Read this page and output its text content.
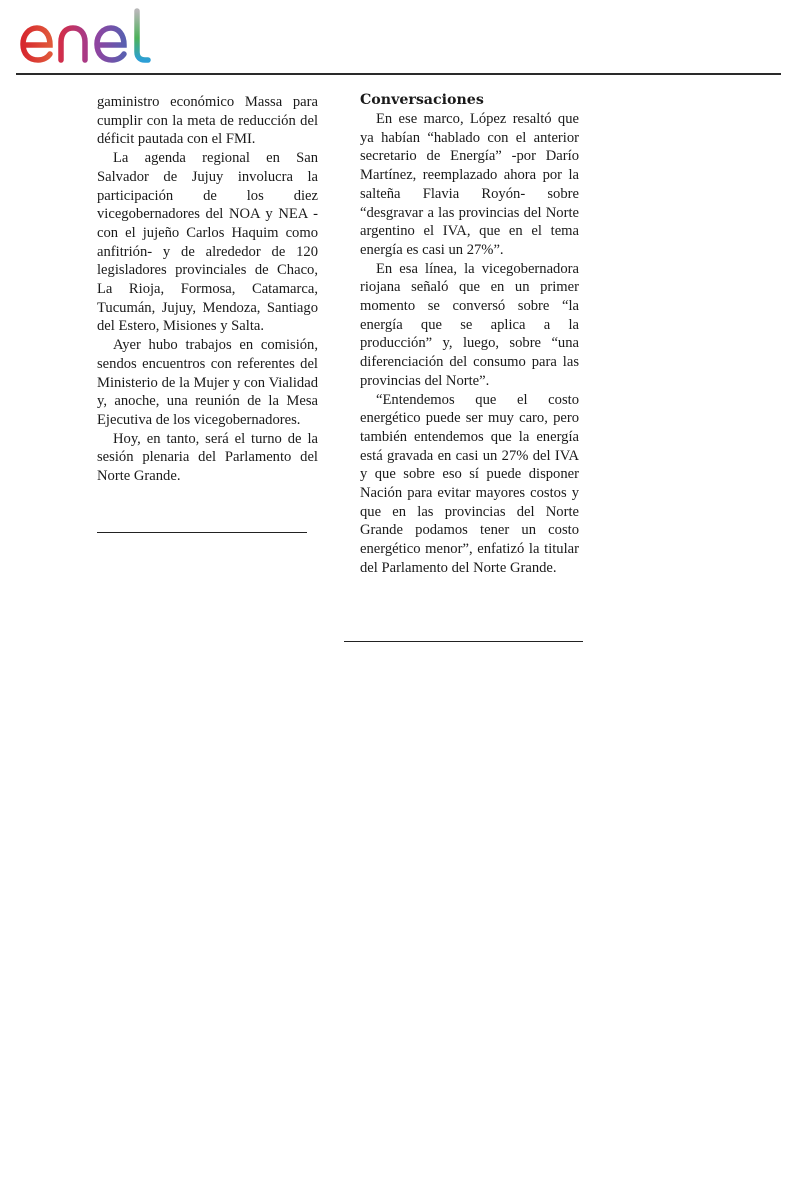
gaministro económico Massa para cumplir con la meta de reducción del déficit pautada con el FMI.

La agenda regional en San Salvador de Jujuy involucra la participación de los diez vicegobernadores del NOA y NEA -con el jujeño Carlos Haquim como anfitrión- y de alrededor de 120 legisladores provinciales de Chaco, La Rioja, Formosa, Catamarca, Tucumán, Jujuy, Mendoza, Santiago del Estero, Misiones y Salta.

Ayer hubo trabajos en comisión, sendos encuentros con referentes del Ministerio de la Mujer y con Vialidad y, anoche, una reunión de la Mesa Ejecutiva de los vicegobernadores.

Hoy, en tanto, será el turno de la sesión plenaria del Parlamento del Norte Grande.

Conversaciones

En ese marco, López resaltó que ya habían “hablado con el anterior secretario de Energía” -por Darío Martínez, reemplazado ahora por la salteña Flavia Royón- sobre “desgravar a las provincias del Norte argentino el IVA, que en el tema energía es casi un 27%”.

En esa línea, la vicegobernadora riojana señaló que en un primer momento se conversó sobre “la energía que se aplica a la producción” y, luego, sobre “una diferenciación del consumo para las provincias del Norte”.

“Entendemos que el costo energético puede ser muy caro, pero también entendemos que la energía está gravada en casi un 27% del IVA y que sobre eso sí puede disponer Nación para evitar mayores costos y que en las provincias del Norte Grande podamos tener un costo energético menor”, enfatizó la titular del Parlamento del Norte Grande.
